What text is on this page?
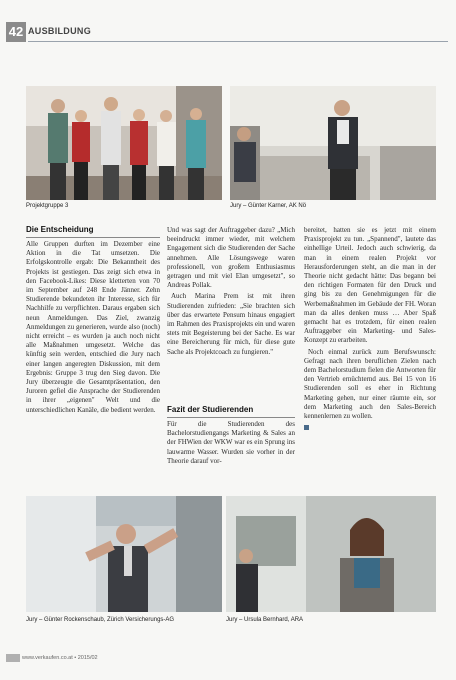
42 AUSBILDUNG
Projektgruppe 3	Jury – Günter Karner, AK Nö
Die Entscheidung

Alle Gruppen durften im Dezember eine Aktion in die Tat umsetzen. Die Erfolgskontrolle ergab: Die Bekanntheit des Projekts ist gestiegen. Das zeigt sich etwa in den Facebook-Likes: Diese kletterten von 70 im September auf 248 Ende Jänner. Zehn Studierende bekundeten ihr Interesse, sich für Nachhilfe zu verpflichten. Daraus ergaben sich neun Anmeldungen. Das Ziel, zwanzig Anmeldungen zu generieren, wurde also (noch) nicht erreicht – es wurden ja auch noch nicht alle Maßnahmen umgesetzt. Welche das künftig sein werden, entschied die Jury nach einer langen angeregten Diskussion, mit dem Ergebnis: Gruppe 3 trug den Sieg davon. Die Jury überzeugte die Gesamtpräsentation, den Juroren gefiel die Ansprache der Studierenden in ihrer „eigenen" Welt und die unterschiedlichen Kanäle, die bedient werden.

Und was sagt der Auftraggeber dazu? „Mich beeindruckt immer wieder, mit welchem Engagement sich die Studierenden der Sache annehmen. Alle Lösungswege waren professionell, von großem Enthusiasmus getragen und mit viel Elan umgesetzt", so Andreas Pollak.

Auch Marina Prem ist mit ihren Studierenden zufrieden: „Sie brachten sich über das erwartete Pensum hinaus engagiert im Rahmen des Praxisprojekts ein und waren stets mit Begeisterung bei der Sache. Es war eine Bereicherung für mich, für diese gute Sache als Projektcoach zu fungieren."

Fazit der Studierenden

Für die Studierenden des Bachelorstudiengangs Marketing & Sales an der FHWien der WKW war es ein Sprung ins lauwarme Wasser. Wurden sie vorher in der Theorie darauf vor-

bereitet, hatten sie es jetzt mit einem Praxisprojekt zu tun. „Spannend", lautete das einhellige Urteil. Jedoch auch schwierig, da man in einem realen Projekt vor Herausforderungen steht, an die man in der Theorie nicht gedacht hätte: Das begann bei den richtigen Formaten für den Druck und ging bis zu den Genehmigungen für die Werbemaßnahmen im Gebäude der FH. Woran man da alles denken muss … Aber Spaß gemacht hat es trotzdem, für einen realen Auftraggeber ein Marketing- und Sales-Konzept zu erarbeiten.

Noch einmal zurück zum Berufswunsch: Gefragt nach ihren beruflichen Zielen nach dem Bachelorstudium fielen die Antworten für den Vertrieb ernüchternd aus. Bei 15 von 16 Studierenden soll es eher in Richtung Marketing gehen, nur einer räumte ein, sor dem Marketing auch den Sales-Bereich kennenlernen zu wollen.

Jury – Günter Rockenschaub, Zürich Versicherungs-AG	Jury – Ursula Bernhard, ARA
www.verkaufen.co.at • 2015/02
